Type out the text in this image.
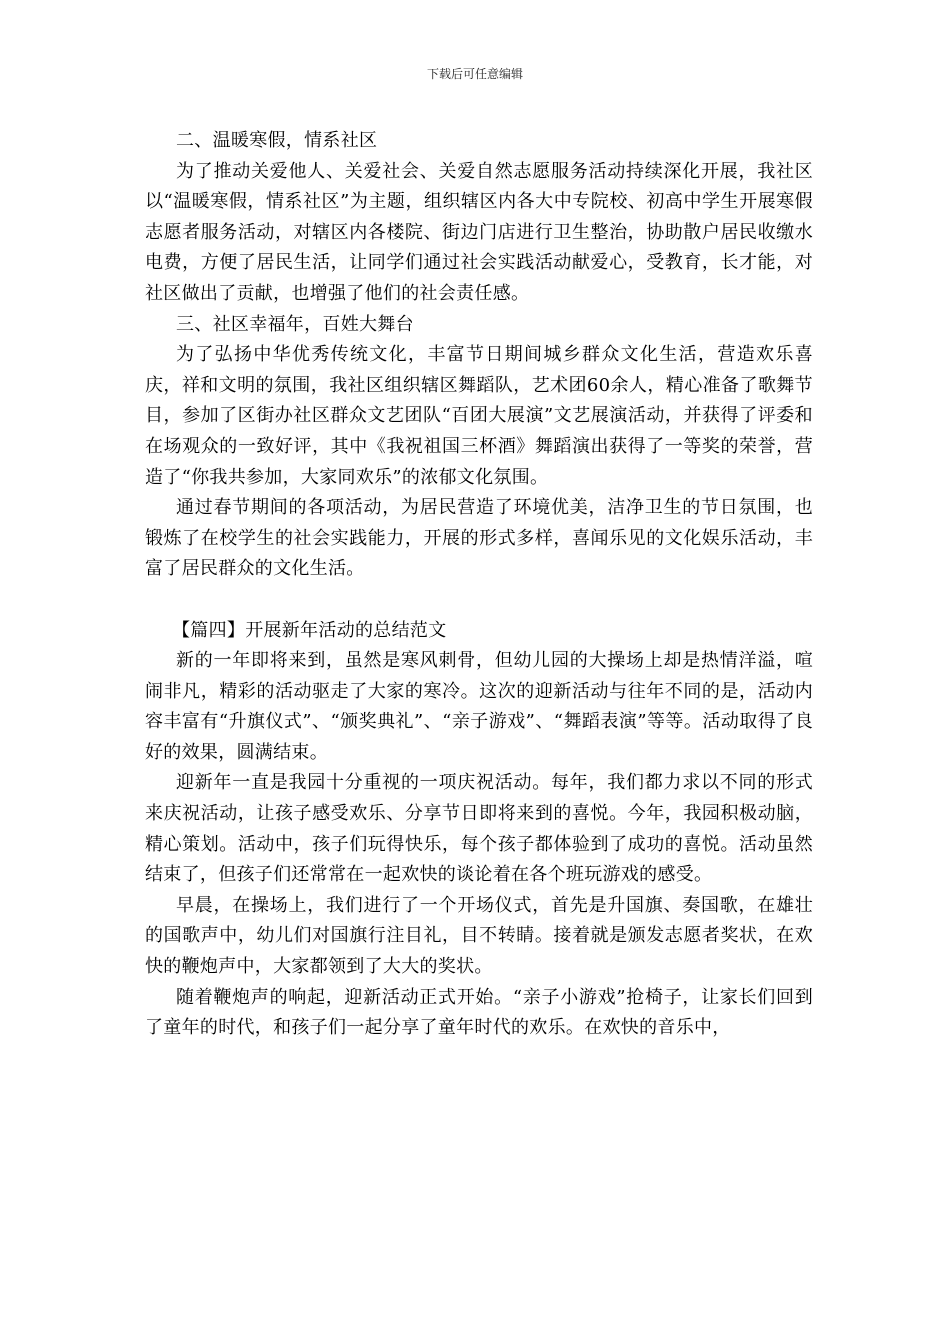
下载后可任意编辑

二、温暖寒假，情系社区

为了推动关爱他人、关爱社会、关爱自然志愿服务活动持续深化开展，我社区以“温暖寒假，情系社区”为主题，组织辖区内各大中专院校、初高中学生开展寒假志愿者服务活动，对辖区内各楼院、街边门店进行卫生整治，协助散户居民收缴水电费，方便了居民生活，让同学们通过社会实践活动献爱心，受教育，长才能，对社区做出了贡献，也增强了他们的社会责任感。

三、社区幸福年，百姓大舞台

为了弘扬中华优秀传统文化，丰富节日期间城乡群众文化生活，营造欢乐喜庆，祥和文明的氛围，我社区组织辖区舞蹈队，艺术团60余人，精心准备了歌舞节目，参加了区街办社区群众文艺团队“百团大展演”文艺展演活动，并获得了评委和在场观众的一致好评，其中《我祝祖国三杯酒》舞蹈演出获得了一等奖的荣誉，营造了“你我共参加，大家同欢乐”的浓郁文化氛围。

通过春节期间的各项活动，为居民营造了环境优美，洁净卫生的节日氛围，也锻炼了在校学生的社会实践能力，开展的形式多样，喜闻乐见的文化娱乐活动，丰富了居民群众的文化生活。

【篇四】开展新年活动的总结范文

新的一年即将来到，虽然是寒风刺骨，但幼儿园的大操场上却是热情洋溢，喧闹非凡，精彩的活动驱走了大家的寒冷。这次的迎新活动与往年不同的是，活动内容丰富有“升旗仪式”、“颁奖典礼”、“亲子游戏”、“舞蹈表演”等等。活动取得了良好的效果，圆满结束。

迎新年一直是我园十分重视的一项庆祝活动。每年，我们都力求以不同的形式来庆祝活动，让孩子感受欢乐、分享节日即将来到的喜悦。今年，我园积极动脑，精心策划。活动中，孩子们玩得快乐，每个孩子都体验到了成功的喜悦。活动虽然结束了，但孩子们还常常在一起欢快的谈论着在各个班玩游戏的感受。

早晨，在操场上，我们进行了一个开场仪式，首先是升国旗、奏国歌，在雄壮的国歌声中，幼儿们对国旗行注目礼，目不转睛。接着就是颁发志愿者奖状，在欢快的鞭炮声中，大家都领到了大大的奖状。

随着鞭炮声的响起，迎新活动正式开始。“亲子小游戏”抢椅子，让家长们回到了童年的时代，和孩子们一起分享了童年时代的欢乐。在欢快的音乐中，
